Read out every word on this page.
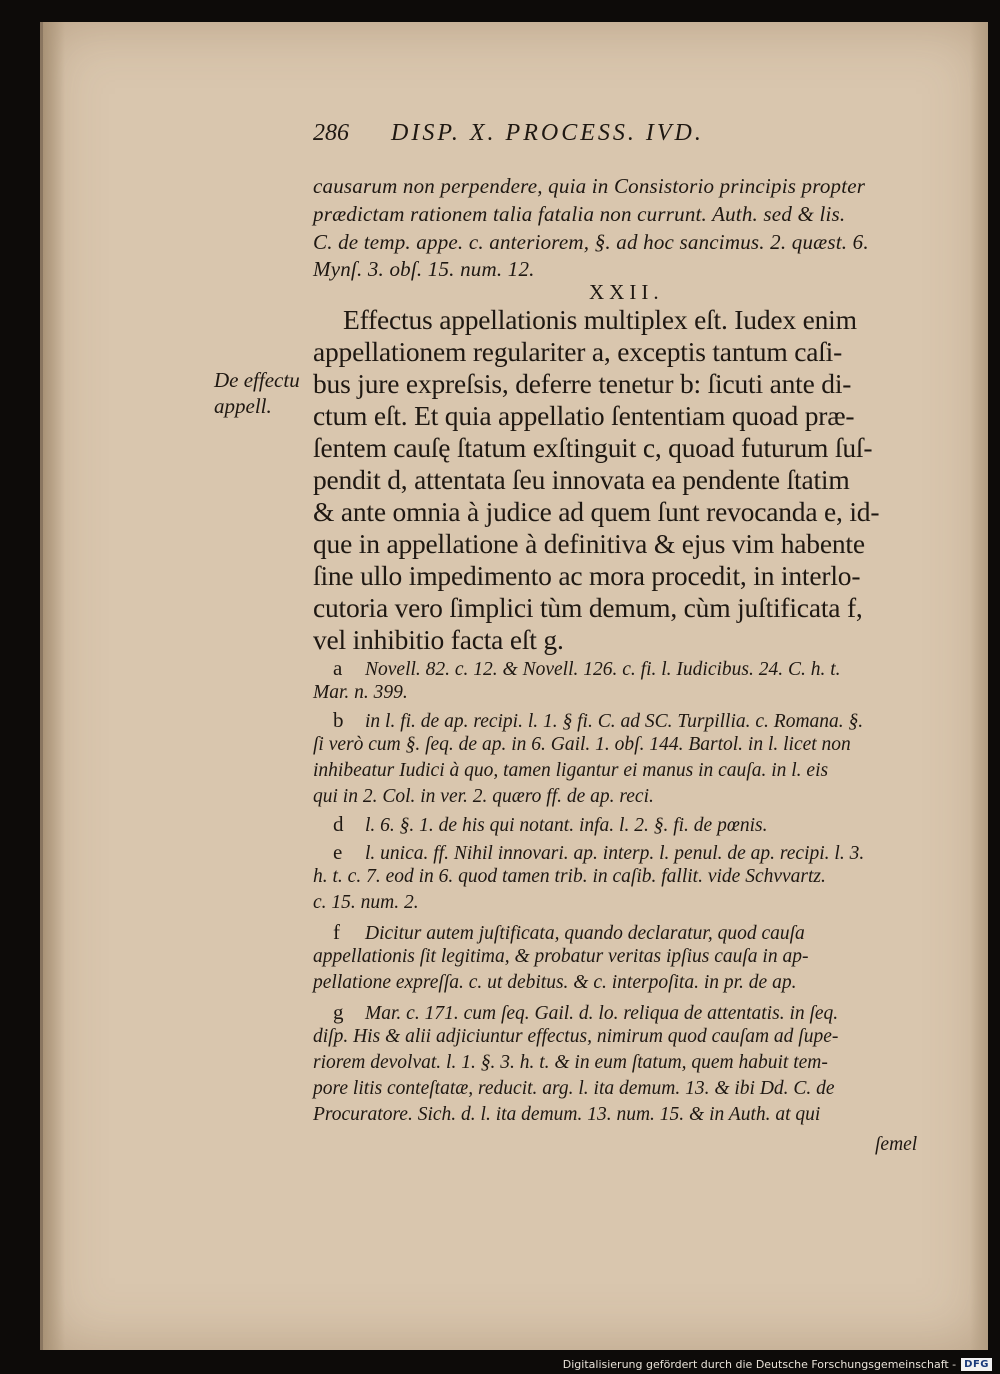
286 DISP. X. PROCESS. IVD.
causarum non perpendere, quia in Consistorio principis propter
prædictam rationem talia fatalia non currunt. Auth. sed & lis.
C. de temp. appe. c. anteriorem, §. ad hoc sancimus. 2. quæst. 6.
Mynſ. 3. obſ. 15. num. 12.
XXII.
De effectu
appell.
Effectus appellationis multiplex eſt. Iudex enim
appellationem regulariter a, exceptis tantum caſi-
bus jure expreſsis, deferre tenetur b: ſicuti ante di-
ctum eſt. Et quia appellatio ſententiam quoad præ-
ſentem cauſę ſtatum exſtinguit c, quoad futurum ſuſ-
pendit d, attentata ſeu innovata ea pendente ſtatim
& ante omnia à judice ad quem ſunt revocanda e, id-
que in appellatione à definitiva & ejus vim habente
ſine ullo impedimento ac mora procedit, in interlo-
cutoria vero ſimplici tùm demum, cùm juſtificata f,
vel inhibitio facta eſt g.
a Novell. 82. c. 12. & Novell. 126. c. fi. l. Iudicibus. 24. C. h. t.
Mar. n. 399.
b in l. fi. de ap. recipi. l. 1. § fi. C. ad SC. Turpillia. c. Romana. §.
ſi verò cum §. ſeq. de ap. in 6. Gail. 1. obſ. 144. Bartol. in l. licet non
inhibeatur Iudici à quo, tamen ligantur ei manus in cauſa. in l. eis
qui in 2. Col. in ver. 2. quæro ff. de ap. reci.
d l. 6. §. 1. de his qui notant. infa. l. 2. §. fi. de pœnis.
e l. unica. ff. Nihil innovari. ap. interp. l. penul. de ap. recipi. l. 3.
h. t. c. 7. eod in 6. quod tamen trib. in caſib. fallit. vide Schvvartz.
c. 15. num. 2.
f Dicitur autem juſtificata, quando declaratur, quod cauſa
appellationis ſit legitima, & probatur veritas ipſius cauſa in ap-
pellatione expreſſa. c. ut debitus. & c. interpoſita. in pr. de ap.
g Mar. c. 171. cum ſeq. Gail. d. lo. reliqua de attentatis. in ſeq.
diſp. His & alii adjiciuntur effectus, nimirum quod cauſam ad ſupe-
riorem devolvat. l. 1. §. 3. h. t. & in eum ſtatum, quem habuit tem-
pore litis conteſtatæ, reducit. arg. l. ita demum. 13. & ibi Dd. C. de
Procuratore. Sich. d. l. ita demum. 13. num. 15. & in Auth. at qui
ſemel
Digitalisierung gefördert durch die Deutsche Forschungsgemeinschaft - DFG
